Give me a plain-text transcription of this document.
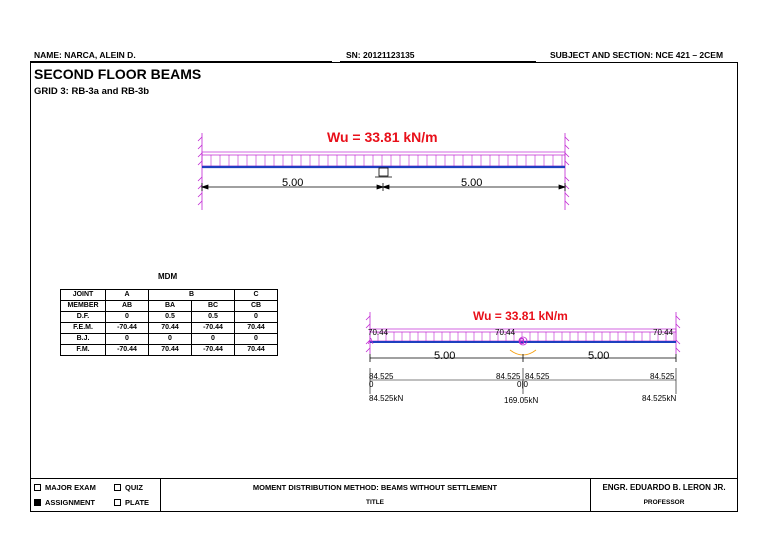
NAME: NARCA, ALEIN D.	SN: 20121123135	SUBJECT AND SECTION: NCE 421 – 2CEM
SECOND FLOOR BEAMS
GRID 3: RB-3a and RB-3b
Wu = 33.81 kN/m
5.00	5.00
MDM
JOINT	A	B		C
MEMBER	AB	BA	BC	CB
D.F.	0	0.5	0.5	0
F.E.M.	-70.44	70.44	-70.44	70.44
B.J.	0	0	0	0
F.M.	-70.44	70.44	-70.44	70.44
Wu = 33.81 kN/m
70.44	70.44	70.44
B
A
5.00	5.00
84.525
0
84.525 84.525
0|0
84.525
84.525kN	169.05kN	84.525kN
MAJOR EXAM	QUIZ
ASSIGNMENT	PLATE
MOMENT DISTRIBUTION METHOD: BEAMS WITHOUT SETTLEMENT
TITLE
ENGR. EDUARDO B. LERON JR.
PROFESSOR
